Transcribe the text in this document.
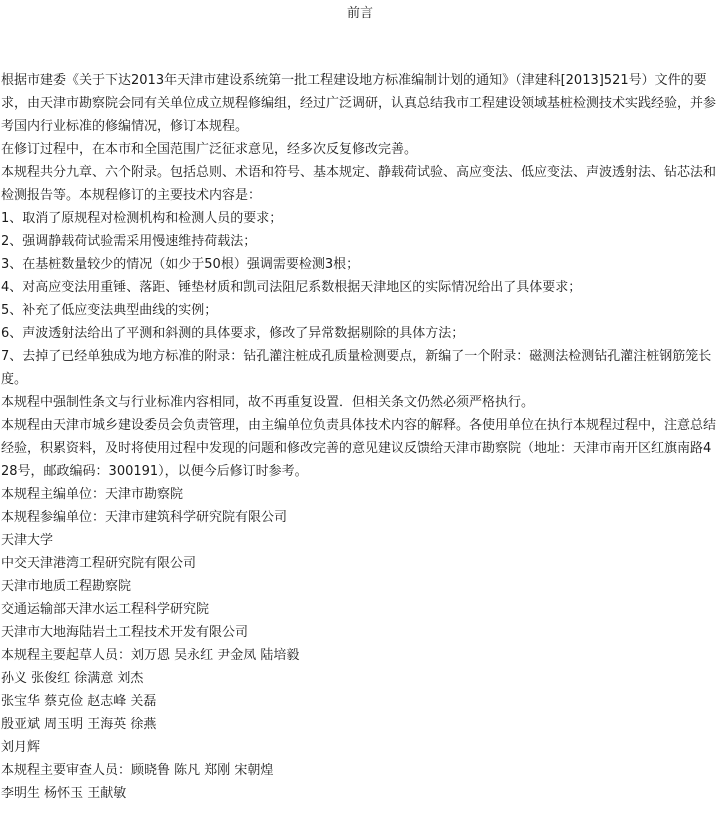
前言

根据市建委《关于下达2013年天津市建设系统第一批工程建设地方标准编制计划的通知》（津建科[2013]521号）文件的要求，由天津市勘察院会同有关单位成立规程修编组，经过广泛调研，认真总结我市工程建设领域基桩检测技术实践经验，并参考国内行业标准的修编情况，修订本规程。

在修订过程中，在本市和全国范围广泛征求意见，经多次反复修改完善。

本规程共分九章、六个附录。包括总则、术语和符号、基本规定、静载荷试验、高应变法、低应变法、声波透射法、钻芯法和检测报告等。本规程修订的主要技术内容是：

1、取消了原规程对检测机构和检测人员的要求；

2、强调静载荷试验需采用慢速维持荷载法；

3、在基桩数量较少的情况（如少于50根）强调需要检测3根；

4、对高应变法用重锤、落距、锤垫材质和凯司法阻尼系数根据天津地区的实际情况给出了具体要求；

5、补充了低应变法典型曲线的实例；

6、声波透射法给出了平测和斜测的具体要求，修改了异常数据剔除的具体方法；

7、去掉了已经单独成为地方标准的附录：钻孔灌注桩成孔质量检测要点，新编了一个附录：磁测法检测钻孔灌注桩钢筋笼长度。

本规程中强制性条文与行业标准内容相同，故不再重复设置．但相关条文仍然必须严格执行。

本规程由天津市城乡建设委员会负责管理，由主编单位负责具体技术内容的解释。各使用单位在执行本规程过程中，注意总结经验，积累资料，及时将使用过程中发现的问题和修改完善的意见建议反馈给天津市勘察院（地址：天津市南开区红旗南路428号，邮政编码：300191），以便今后修订时参考。

本规程主编单位：天津市勘察院

本规程参编单位：天津市建筑科学研究院有限公司

天津大学

中交天津港湾工程研究院有限公司

天津市地质工程勘察院

交通运输部天津水运工程科学研究院

天津市大地海陆岩土工程技术开发有限公司

本规程主要起草人员：刘万恩 吴永红 尹金凤 陆培毅

孙义 张俊红 徐满意 刘杰

张宝华 蔡克俭 赵志峰 关磊

殷亚斌 周玉明 王海英 徐燕

刘月辉

本规程主要审查人员：顾晓鲁 陈凡 郑刚 宋朝煌

李明生 杨怀玉 王献敏
